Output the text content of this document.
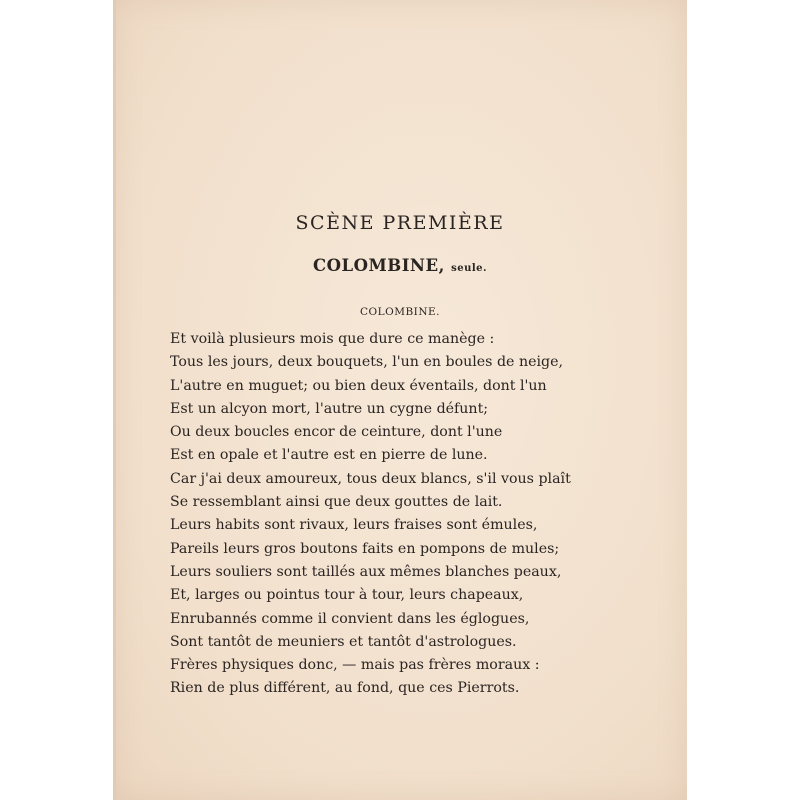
SCÈNE PREMIÈRE

COLOMBINE, seule.

COLOMBINE.

Et voilà plusieurs mois que dure ce manège :
Tous les jours, deux bouquets, l'un en boules de neige,
L'autre en muguet; ou bien deux éventails, dont l'un
Est un alcyon mort, l'autre un cygne défunt;
Ou deux boucles encor de ceinture, dont l'une
Est en opale et l'autre est en pierre de lune.
Car j'ai deux amoureux, tous deux blancs, s'il vous plaît
Se ressemblant ainsi que deux gouttes de lait.
Leurs habits sont rivaux, leurs fraises sont émules,
Pareils leurs gros boutons faits en pompons de mules;
Leurs souliers sont taillés aux mêmes blanches peaux,
Et, larges ou pointus tour à tour, leurs chapeaux,
Enrubannés comme il convient dans les églogues,
Sont tantôt de meuniers et tantôt d'astrologues.
Frères physiques donc, — mais pas frères moraux :
Rien de plus différent, au fond, que ces Pierrots.
